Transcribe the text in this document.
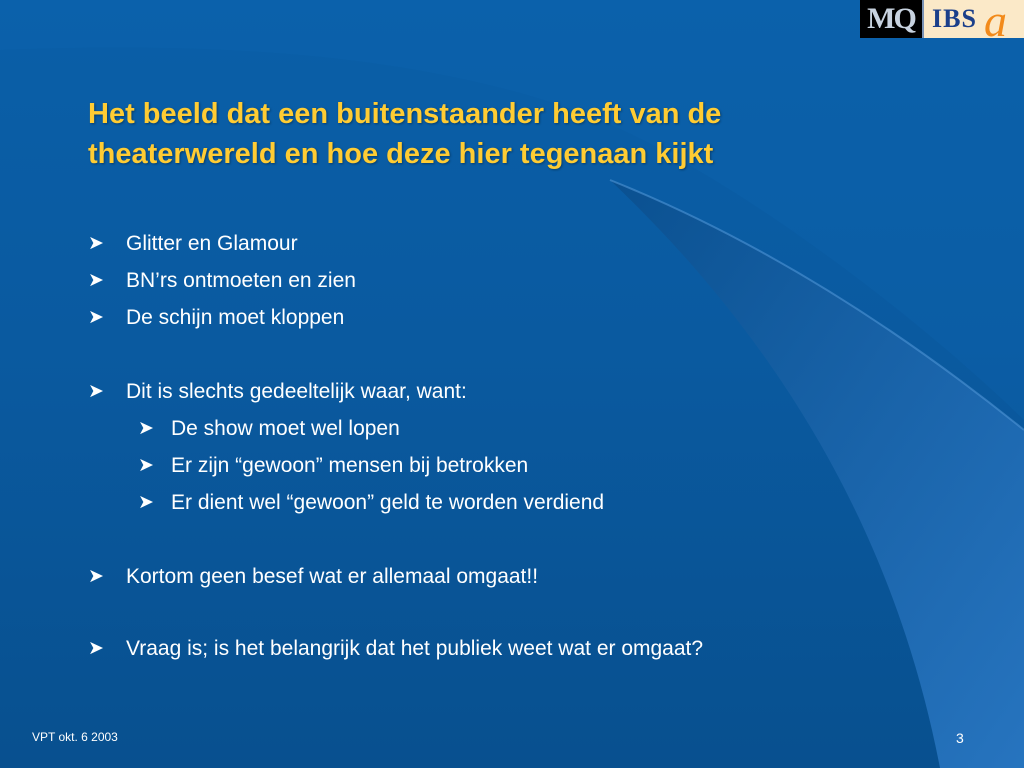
MQ IBS a
Het beeld dat een buitenstaander heeft van de theaterwereld en hoe deze hier tegenaan kijkt
➤ Glitter en Glamour
➤ BN’rs ontmoeten en zien
➤ De schijn moet kloppen
➤ Dit is slechts gedeeltelijk waar, want:
➤ De show moet wel lopen
➤ Er zijn “gewoon” mensen bij betrokken
➤ Er dient wel “gewoon” geld te worden verdiend
➤ Kortom geen besef wat er allemaal omgaat!!
➤ Vraag is; is het belangrijk dat het publiek weet wat er omgaat?
VPT okt. 6 2003	3
